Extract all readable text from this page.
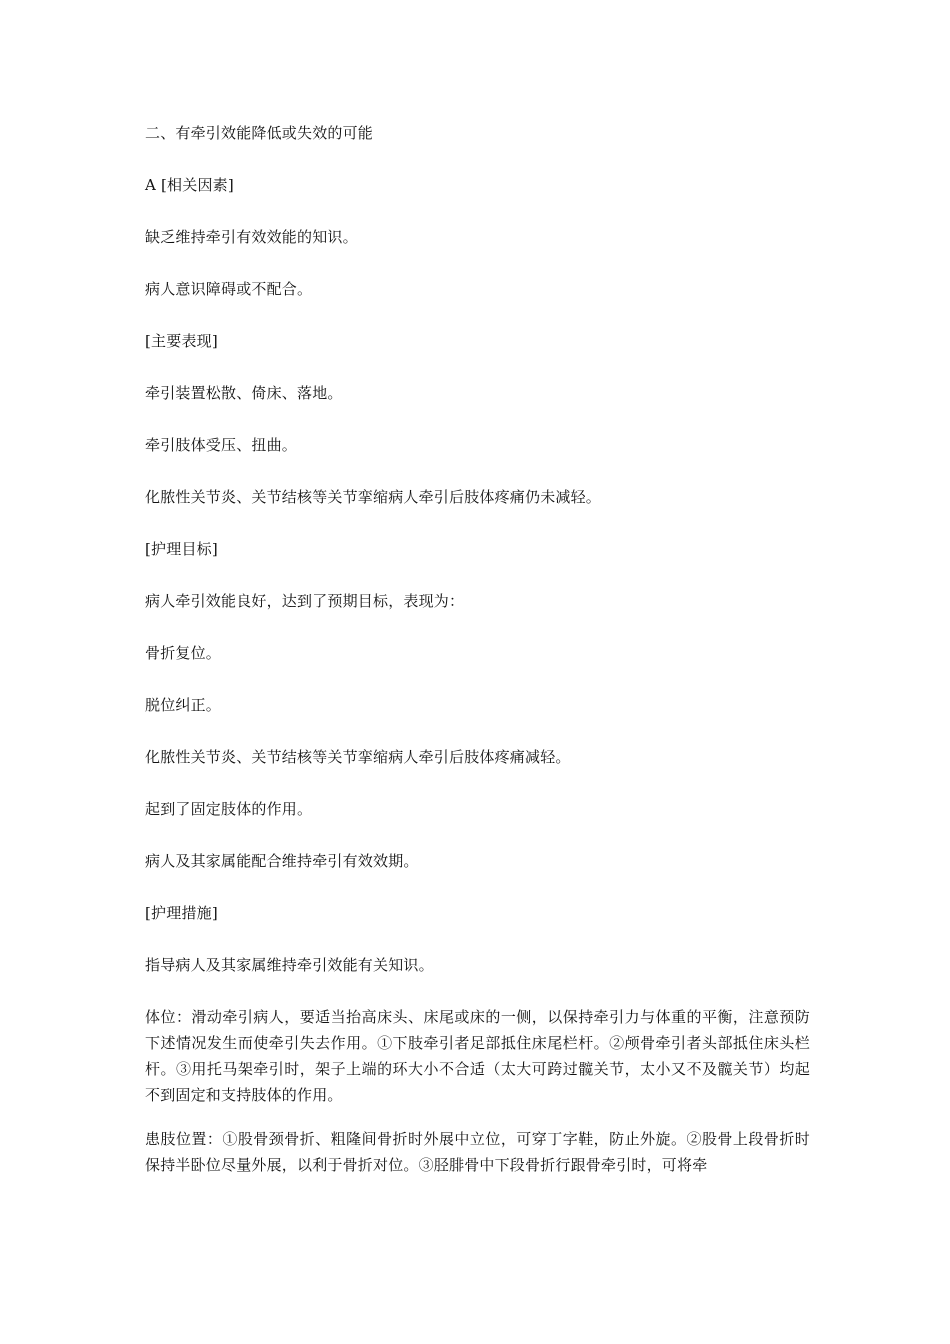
二、有牵引效能降低或失效的可能

A [相关因素]

缺乏维持牵引有效效能的知识。

病人意识障碍或不配合。

[主要表现]

牵引装置松散、倚床、落地。

牵引肢体受压、扭曲。

化脓性关节炎、关节结核等关节挛缩病人牵引后肢体疼痛仍未减轻。

[护理目标]

病人牵引效能良好，达到了预期目标，表现为：

骨折复位。

脱位纠正。

化脓性关节炎、关节结核等关节挛缩病人牵引后肢体疼痛减轻。

起到了固定肢体的作用。

病人及其家属能配合维持牵引有效效期。

[护理措施]

指导病人及其家属维持牵引效能有关知识。

体位：滑动牵引病人，要适当抬高床头、床尾或床的一侧，以保持牵引力与体重的平衡，注意预防下述情况发生而使牵引失去作用。①下肢牵引者足部抵住床尾栏杆。②颅骨牵引者头部抵住床头栏杆。③用托马架牵引时，架子上端的环大小不合适（太大可跨过髋关节，太小又不及髋关节）均起不到固定和支持肢体的作用。

患肢位置：①股骨颈骨折、粗隆间骨折时外展中立位，可穿丁字鞋，防止外旋。②股骨上段骨折时保持半卧位尽量外展，以利于骨折对位。③胫腓骨中下段骨折行跟骨牵引时，可将牵
